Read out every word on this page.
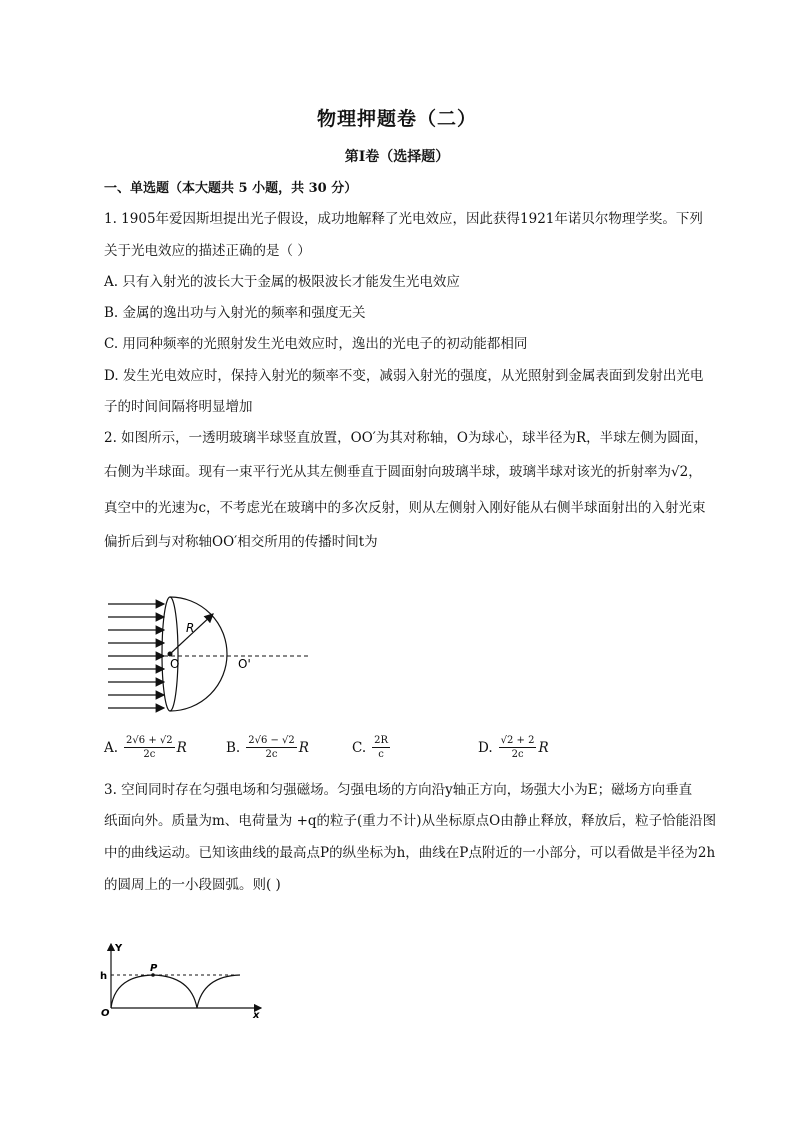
物理押题卷（二）
第Ⅰ卷（选择题）
一、单选题（本大题共 5 小题，共 30 分）
1. 1905年爱因斯坦提出光子假设，成功地解释了光电效应，因此获得1921年诺贝尔物理学奖。下列
关于光电效应的描述正确的是（ ）
A. 只有入射光的波长大于金属的极限波长才能发生光电效应
B. 金属的逸出功与入射光的频率和强度无关
C. 用同种频率的光照射发生光电效应时，逸出的光电子的初动能都相同
D. 发生光电效应时，保持入射光的频率不变，减弱入射光的强度，从光照射到金属表面到发射出光电
子的时间间隔将明显增加
2. 如图所示，一透明玻璃半球竖直放置，OO′为其对称轴，O为球心，球半径为R，半球左侧为圆面，
右侧为半球面。现有一束平行光从其左侧垂直于圆面射向玻璃半球，玻璃半球对该光的折射率为√2，
真空中的光速为c，不考虑光在玻璃中的多次反射，则从左侧射入刚好能从右侧半球面射出的入射光束
偏折后到与对称轴OO′相交所用的传播时间t为
R
O	O'
A. $\frac{2√6 + √2}{2c}$ R	B. $\frac{2√6 - √2}{2c}$ R	C. $\frac{2R}{c}$	D. $\frac{√2 + 2}{2c}$ R
3. 空间同时存在匀强电场和匀强磁场。匀强电场的方向沿y轴正方向，场强大小为E；磁场方向垂直
纸面向外。质量为m、电荷量为 +q的粒子(重力不计)从坐标原点O由静止释放，释放后，粒子恰能沿图
中的曲线运动。已知该曲线的最高点P的纵坐标为h，曲线在P点附近的一小部分，可以看做是半径为2h
的圆周上的一小段圆弧。则( )
Y
x
h
O
P
